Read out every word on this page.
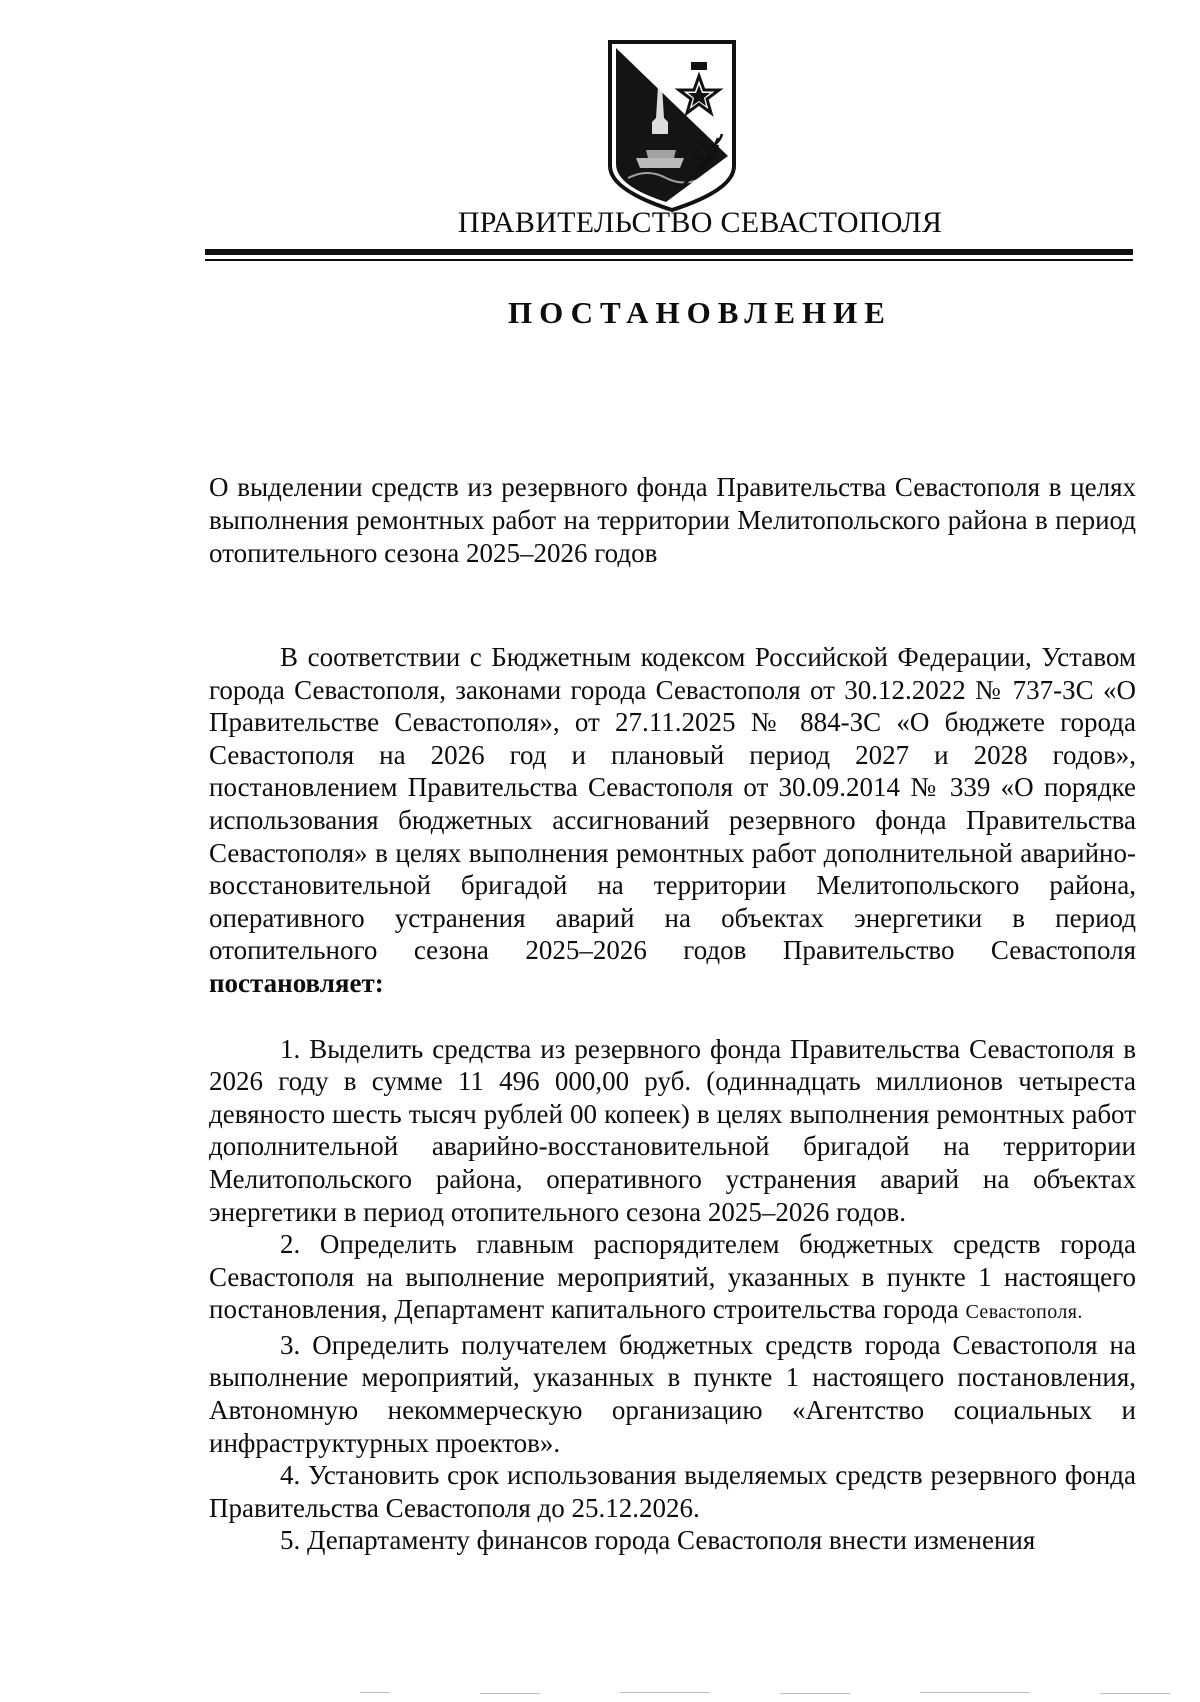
ПРАВИТЕЛЬСТВО СЕВАСТОПОЛЯ
ПОСТАНОВЛЕНИЕ

О выделении средств из резервного фонда Правительства Севастополя в целях выполнения ремонтных работ на территории Мелитопольского района в период отопительного сезона 2025–2026 годов

В соответствии с Бюджетным кодексом Российской Федерации, Уставом города Севастополя, законами города Севастополя от 30.12.2022 № 737-ЗС «О Правительстве Севастополя», от 27.11.2025 № 884-ЗС «О бюджете города Севастополя на 2026 год и плановый период 2027 и 2028 годов», постановлением Правительства Севастополя от 30.09.2014 № 339 «О порядке использования бюджетных ассигнований резервного фонда Правительства Севастополя» в целях выполнения ремонтных работ дополнительной аварийно-восстановительной бригадой на территории Мелитопольского района, оперативного устранения аварий на объектах энергетики в период отопительного сезона 2025–2026 годов Правительство Севастополя постановляет:

1. Выделить средства из резервного фонда Правительства Севастополя в 2026 году в сумме 11 496 000,00 руб. (одиннадцать миллионов четыреста девяносто шесть тысяч рублей 00 копеек) в целях выполнения ремонтных работ дополнительной аварийно-восстановительной бригадой на территории Мелитопольского района, оперативного устранения аварий на объектах энергетики в период отопительного сезона 2025–2026 годов.

2. Определить главным распорядителем бюджетных средств города Севастополя на выполнение мероприятий, указанных в пункте 1 настоящего постановления, Департамент капитального строительства города Севастополя.

3. Определить получателем бюджетных средств города Севастополя на выполнение мероприятий, указанных в пункте 1 настоящего постановления, Автономную некоммерческую организацию «Агентство социальных и инфраструктурных проектов».

4. Установить срок использования выделяемых средств резервного фонда Правительства Севастополя до 25.12.2026.

5. Департаменту финансов города Севастополя внести изменения
